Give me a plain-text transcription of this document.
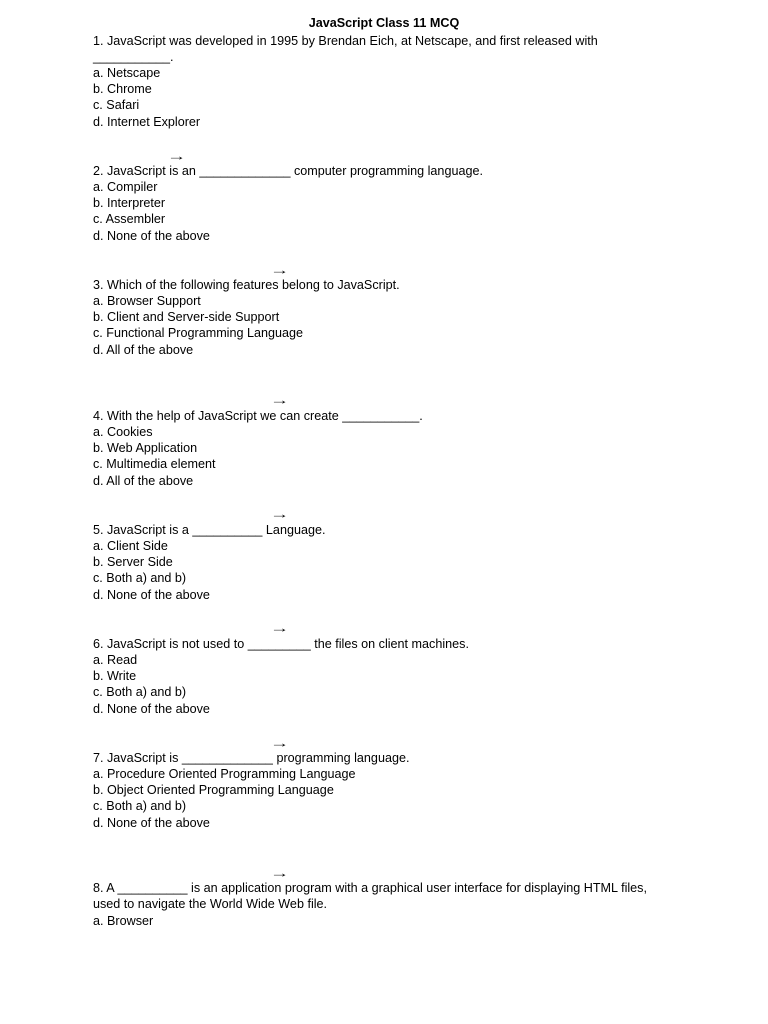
JavaScript Class 11 MCQ
1. JavaScript was developed in 1995 by Brendan Eich, at Netscape, and first released with
___________.
a. Netscape
b. Chrome
c. Safari
d. Internet Explorer
→
2. JavaScript is an _____________ computer programming language.
a. Compiler
b. Interpreter
c. Assembler
d. None of the above
→
3. Which of the following features belong to JavaScript.
a. Browser Support
b. Client and Server-side Support
c. Functional Programming Language
d. All of the above
→
4. With the help of JavaScript we can create ___________.
a. Cookies
b. Web Application
c. Multimedia element
d. All of the above
→
5. JavaScript is a __________ Language.
a. Client Side
b. Server Side
c. Both a) and b)
d. None of the above
→
6. JavaScript is not used to _________ the files on client machines.
a. Read
b. Write
c. Both a) and b)
d. None of the above
→
7. JavaScript is _____________ programming language.
a. Procedure Oriented Programming Language
b. Object Oriented Programming Language
c. Both a) and b)
d. None of the above
→
8. A __________ is an application program with a graphical user interface for displaying HTML files,
used to navigate the World Wide Web file.
a. Browser
